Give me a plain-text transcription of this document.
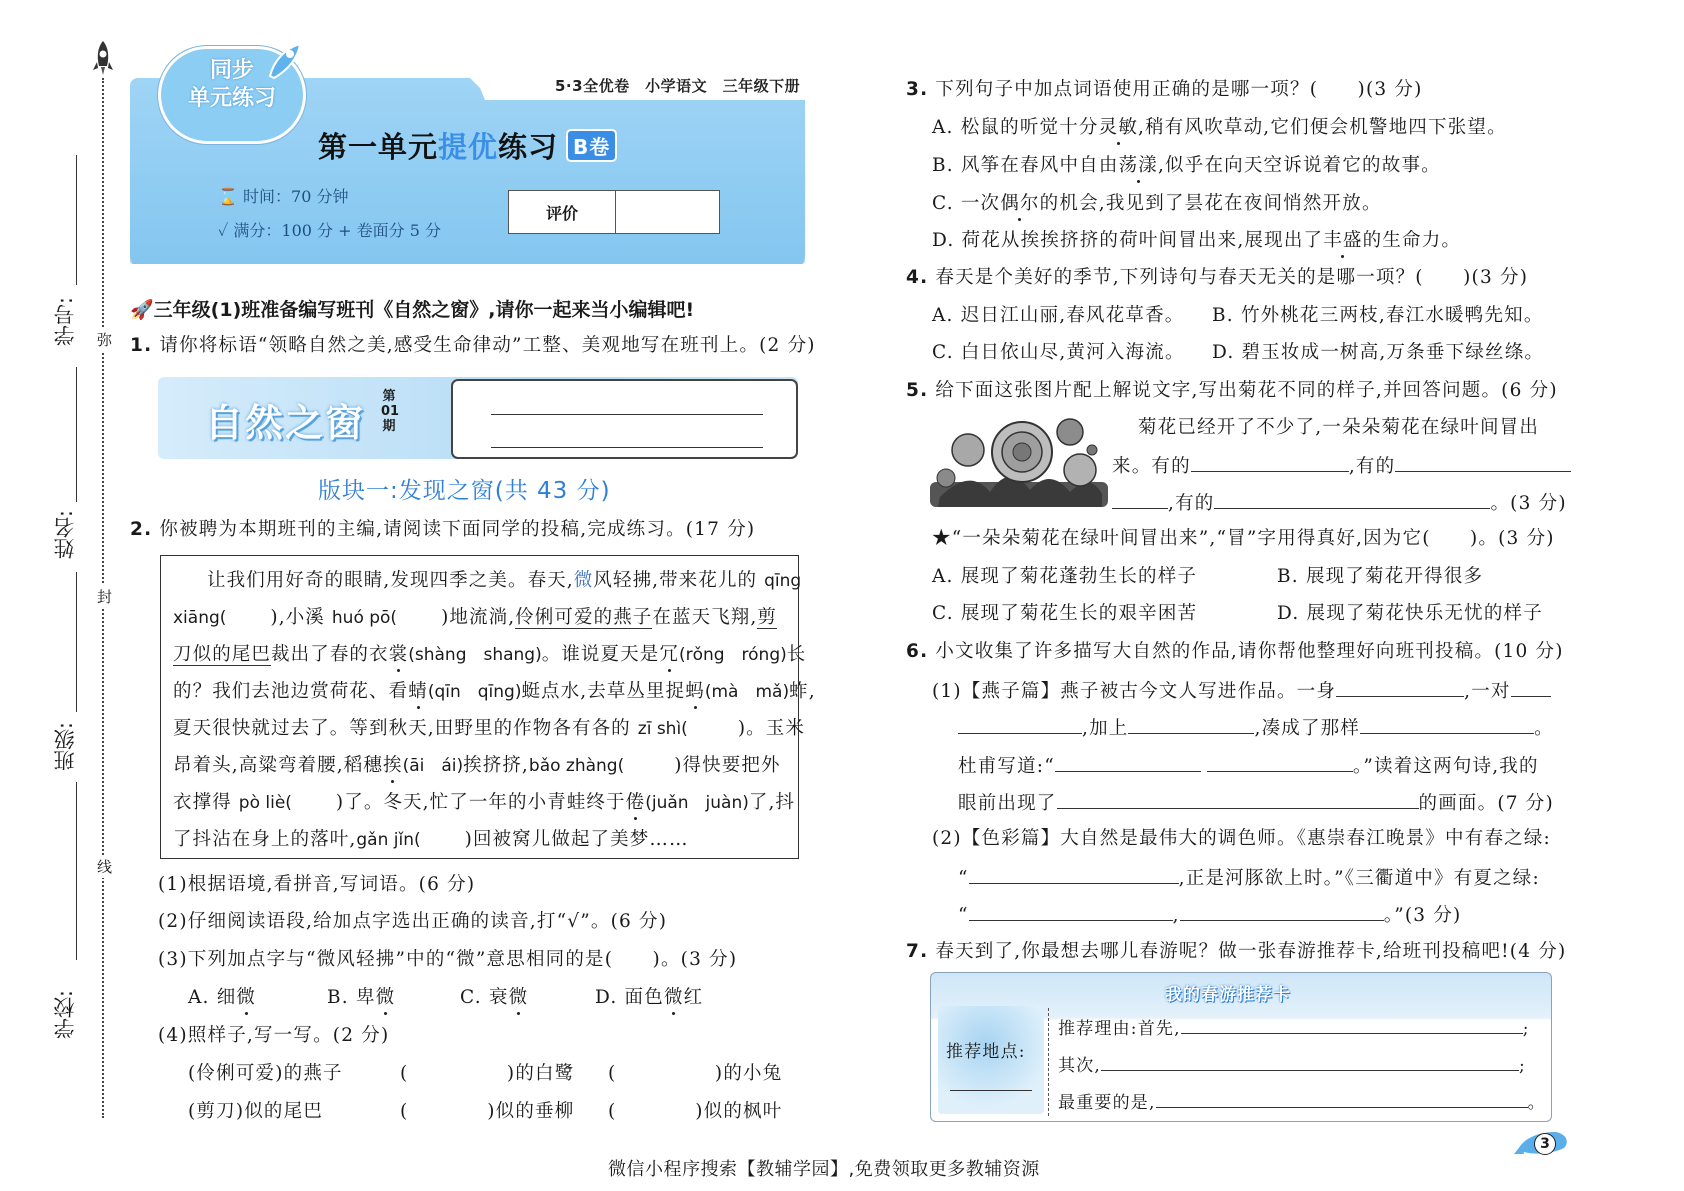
弥
封
线
学号:
姓名:
班级:
学校:
同步
单元练习	5·3全优卷　小学语文　三年级下册
第一单元提优练习 B卷
⌛ 时间：70 分钟
✓ 满分：100 分 + 卷面分 5 分
评价
🚀三年级(1)班准备编写班刊《自然之窗》,请你一起来当小编辑吧!
1. 请你将标语“领略自然之美,感受生命律动”工整、美观地写在班刊上。(2 分)
自然之窗
第
01
期
版块一:发现之窗(共 43 分)
2. 你被聘为本期班刊的主编,请阅读下面同学的投稿,完成练习。(17 分)
让我们用好奇的眼睛,发现四季之美。春天,微风轻拂,带来花儿的 qīng
xiāng( ),小溪 huó pō( )地流淌,伶俐可爱的燕子在蓝天飞翔,剪
刀似的尾巴裁出了春的衣裳(shàng　shang)。谁说夏天是冗(rǒng　róng)长
的？我们去池边赏荷花、看蜻(qīn　qīng)蜓点水,去草丛里捉蚂(mà　mǎ)蚱,
夏天很快就过去了。等到秋天,田野里的作物各有各的 zī shì(	)。玉米
昂着头,高粱弯着腰,稻穗挨(āi　ái)挨挤挤,bǎo zhàng(	)得快要把外
衣撑得 pò liè( )了。冬天,忙了一年的小青蛙终于倦(juǎn　juàn)了,抖
了抖沾在身上的落叶,gǎn jǐn( )回被窝儿做起了美梦……
(1)根据语境,看拼音,写词语。(6 分)
(2)仔细阅读语段,给加点字选出正确的读音,打“√”。(6 分)
(3)下列加点字与“微风轻拂”中的“微”意思相同的是(　　)。(3 分)
A. 细微	B. 卑微	C. 衰微	D. 面色微红
(4)照样子,写一写。(2 分)
(伶俐可爱)的燕子	(　　　　　)的白鹭 (　　　　　)的小兔
(剪刀)似的尾巴	(　　　　)似的垂柳 (　　　　)似的枫叶
3. 下列句子中加点词语使用正确的是哪一项？(　　)(3 分)
A. 松鼠的听觉十分灵敏,稍有风吹草动,它们便会机警地四下张望。
B. 风筝在春风中自由荡漾,似乎在向天空诉说着它的故事。
C. 一次偶尔的机会,我见到了昙花在夜间悄然开放。
D. 荷花从挨挨挤挤的荷叶间冒出来,展现出了丰盛的生命力。
4. 春天是个美好的季节,下列诗句与春天无关的是哪一项？(　　)(3 分)
A. 迟日江山丽,春风花草香。 B. 竹外桃花三两枝,春江水暖鸭先知。
C. 白日依山尽,黄河入海流。 D. 碧玉妆成一树高,万条垂下绿丝绦。
5. 给下面这张图片配上解说文字,写出菊花不同的样子,并回答问题。(6 分)
菊花已经开了不少了,一朵朵菊花在绿叶间冒出
来。有的	,有的
,有的	。(3 分)
★“一朵朵菊花在绿叶间冒出来”,“冒”字用得真好,因为它(　　)。(3 分)
A. 展现了菊花蓬勃生长的样子	B. 展现了菊花开得很多
C. 展现了菊花生长的艰辛困苦	D. 展现了菊花快乐无忧的样子
6. 小文收集了许多描写大自然的作品,请你帮他整理好向班刊投稿。(10 分)
(1)【燕子篇】燕子被古今文人写进作品。一身	,一对
,加上	,凑成了那样	。
杜甫写道:“	。”读着这两句诗,我的
眼前出现了	的画面。(7 分)
(2)【色彩篇】大自然是最伟大的调色师。《惠崇春江晚景》中有春之绿:
“	,正是河豚欲上时。”《三衢道中》有夏之绿:
“	,	。”(3 分)
7. 春天到了,你最想去哪儿春游呢？做一张春游推荐卡,给班刊投稿吧!(4 分)
我的春游推荐卡
推荐地点:
推荐理由:首先,	;
其次,	;
最重要的是,	。
微信小程序搜索【教辅学园】,免费领取更多教辅资源
3
